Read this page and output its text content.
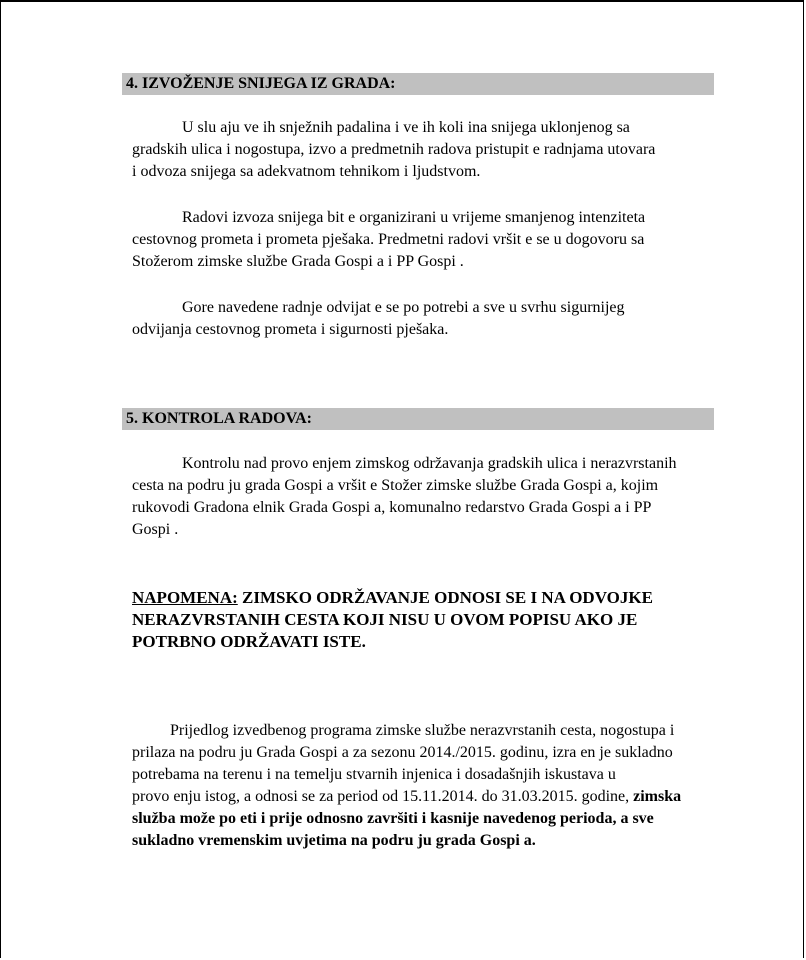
4. IZVOŽENJE SNIJEGA IZ GRADA:
U slu aju ve ih snježnih padalina i ve ih koli ina snijega uklonjenog sa
gradskih ulica i nogostupa, izvo a predmetnih radova pristupit e radnjama utovara
i odvoza snijega sa adekvatnom tehnikom i ljudstvom.
Radovi izvoza snijega bit e organizirani u vrijeme smanjenog intenziteta
cestovnog prometa i prometa pješaka. Predmetni radovi vršit e se u dogovoru sa
Stožerom zimske službe Grada Gospi a i PP Gospi .
Gore navedene radnje odvijat e se po potrebi a sve u svrhu sigurnijeg
odvijanja cestovnog prometa i sigurnosti pješaka.
5. KONTROLA RADOVA:
Kontrolu nad provo enjem zimskog održavanja gradskih ulica i nerazvrstanih
cesta na podru ju grada Gospi a vršit e Stožer zimske službe Grada Gospi a, kojim
rukovodi Gradona elnik Grada Gospi a, komunalno redarstvo Grada Gospi a i PP
Gospi .
NAPOMENA: ZIMSKO ODRŽAVANJE ODNOSI SE I NA ODVOJKE
NERAZVRSTANIH CESTA KOJI NISU U OVOM POPISU AKO JE
POTRBNO ODRŽAVATI ISTE.
Prijedlog izvedbenog programa zimske službe nerazvrstanih cesta, nogostupa i
prilaza na podru ju Grada Gospi a za sezonu 2014./2015. godinu, izra en je sukladno
potrebama na terenu i na temelju stvarnih injenica i dosadašnjih iskustava u
provo enju istog, a odnosi se za period od 15.11.2014. do 31.03.2015. godine, zimska
služba može po eti i prije odnosno završiti i kasnije navedenog perioda, a sve
sukladno vremenskim uvjetima na podru ju grada Gospi a.
